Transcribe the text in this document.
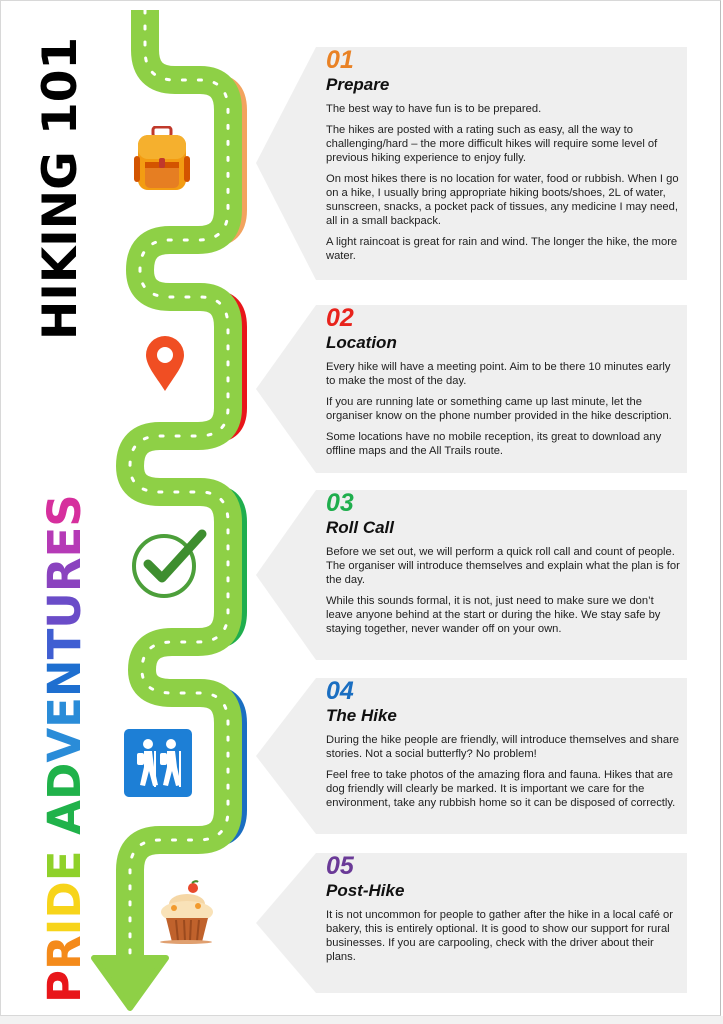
HIKING 101
PRIDE ADVENTURES
01
Prepare

The best way to have fun is to be prepared.

The hikes are posted with a rating such as easy, all the way to challenging/hard – the more difficult hikes will require some level of previous hiking experience to enjoy fully.

On most hikes there is no location for water, food or rubbish. When I go on a hike, I usually bring appropriate hiking boots/shoes, 2L of water, sunscreen, snacks, a pocket pack of tissues, any medicine I may need, all in a small backpack.

A light raincoat is great for rain and wind. The longer the hike, the more water.

02
Location

Every hike will have a meeting point. Aim to be there 10 minutes early to make the most of the day.

If you are running late or something came up last minute, let the organiser know on the phone number provided in the hike description.

Some locations have no mobile reception, its great to download any offline maps and the All Trails route.

03
Roll Call

Before we set out, we will perform a quick roll call and count of people. The organiser will introduce themselves and explain what the plan is for the day.

While this sounds formal, it is not, just need to make sure we don’t leave anyone behind at the start or during the hike. We stay safe by staying together, never wander off on your own.

04
The Hike

During the hike people are friendly, will introduce themselves and share stories. Not a social butterfly? No problem!

Feel free to take photos of the amazing flora and fauna. Hikes that are dog friendly will clearly be marked. It is important we care for the environment, take any rubbish home so it can be disposed of correctly.

05
Post-Hike

It is not uncommon for people to gather after the hike in a local café or bakery, this is entirely optional. It is good to show our support for rural businesses. If you are carpooling, check with the driver about their plans.
